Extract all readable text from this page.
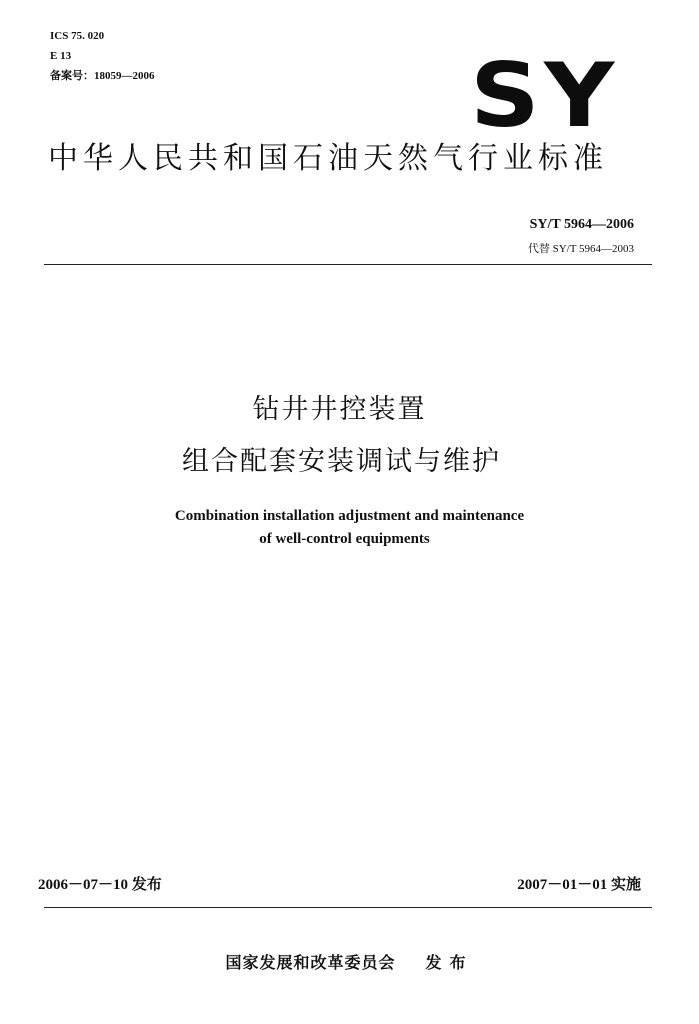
ICS 75. 020
E 13
备案号：18059—2006	SY
中华人民共和国石油天然气行业标准
SY/T 5964—2006
代替 SY/T 5964—2003
钻井井控装置
组合配套安装调试与维护
Combination installation adjustment and maintenance
of well-control equipments
2006－07－10 发布	2007－01－01 实施
国家发展和改革委员会 发布
